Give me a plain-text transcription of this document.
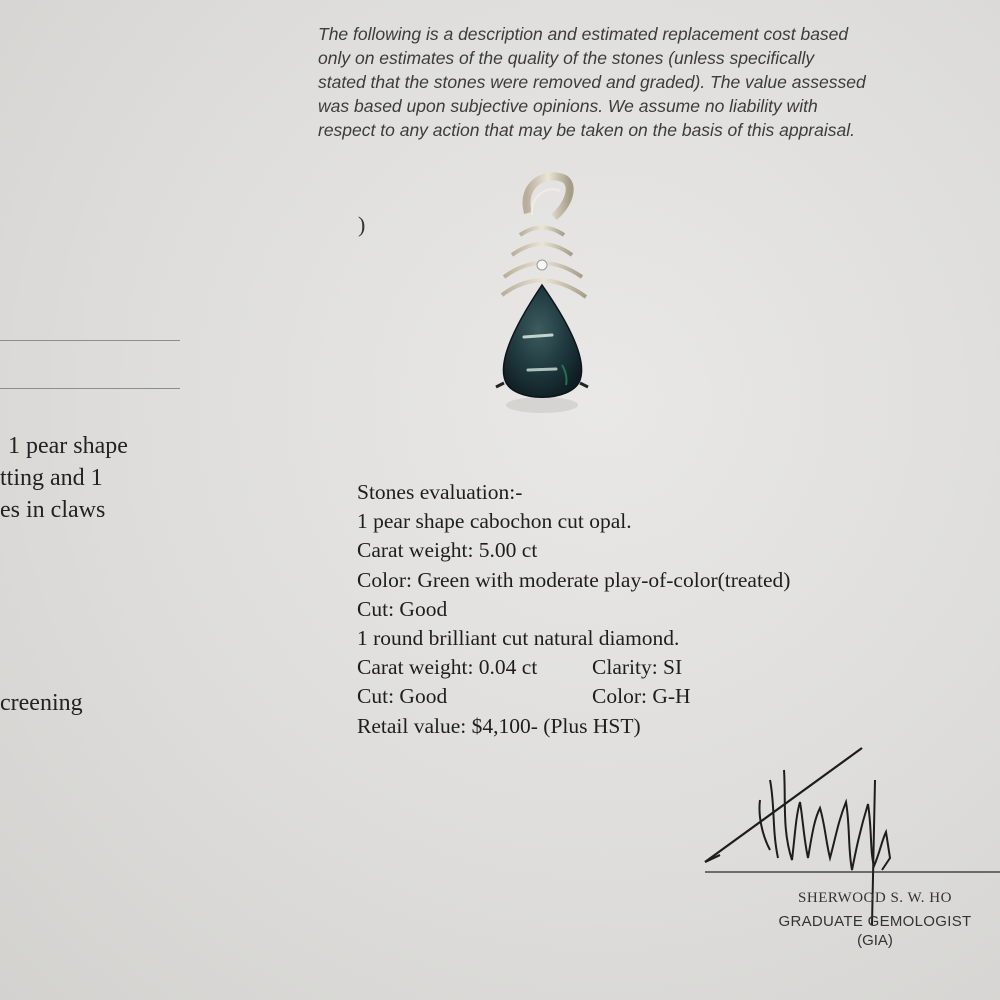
The following is a description and estimated replacement cost based
only on estimates of the quality of the stones (unless specifically
stated that the stones were removed and graded). The value assessed
was based upon subjective opinions. We assume no liability with
respect to any action that may be taken on the basis of this appraisal.

)

1 pear shape
tting and 1
es in claws

creening
Stones evaluation:-
1 pear shape cabochon cut opal.
Carat weight: 5.00 ct
Color: Green with moderate play-of-color(treated)
Cut: Good
1 round brilliant cut natural diamond.
Carat weight: 0.04 ct	Clarity: SI
Cut: Good	Color: G-H
Retail value: $4,100- (Plus HST)
SHERWOOD S. W. HO
GRADUATE GEMOLOGIST
(GIA)
